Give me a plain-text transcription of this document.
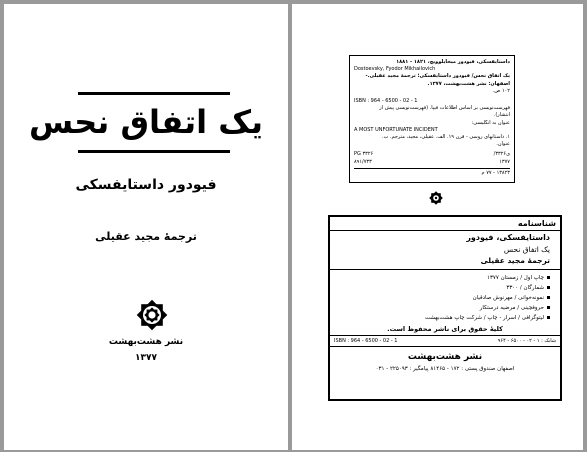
یک اتفاق نحس
فیودور داستایفسکی
ترجمهٔ مجید عقیلی
نشر هشت‌بهشت
۱۳۷۷
داستایفسکی، فیودور میخایلوویچ، ۱۸۲۱ - ۱۸۸۱
Dostoevsky, Fyodor Mikhailovich
یک اتفاق نحس/ فیودور داستایفسکی؛ ترجمهٔ مجید عقیلی.-
اصفهان: نشر هشت‌بهشت، ۱۳۷۷.
۱۰۲ ص.
ISBN : 964 - 6500 - 02 - 1
فهرست‌نویسی بر اساس اطلاعات فیپا. (فهرست‌نویسی پیش از
انتشار).
عنوان به انگلیسی:
A MOST UNFORTUNATE INCIDENT
۱. داستانهای روسی - قرن ۱۹. الف. عقیلی، مجید، مترجم. ب.
عنوان.
PG ۳۳۲۶	/ی۳۳۲۶
۸۹۱/۷۳۳	۱۳۷۷
۱۳۸۲۳ - ۷۷ م
شناسنامه
داستایفسکی، فیودور
یک اتفاق نحس
ترجمهٔ مجید عقیلی
چاپ اول / زمستان ۱۳۷۷
شمارگان / ۳۳۰۰
نمونه‌خوانی / مهرنوش صادقیان
حروفچینی / مرضیه درستکار
لیتوگرافی / اسرار - چاپ / شرکت چاپ هشت‌بهشت
کلیهٔ حقوق برای ناشر محفوظ است.
ISBN : 964 - 6500 - 02 - 1	شابک : ۱ - ۰۲ - ۶۵۰۰ - ۹۶۴
نشر هشت‌بهشت
اصفهان صندوق پستی : ۱۷۲ - ۸۱۴۶۵ پیامگیر : ۲۲۵۰۹۳ - ۰۳۱
